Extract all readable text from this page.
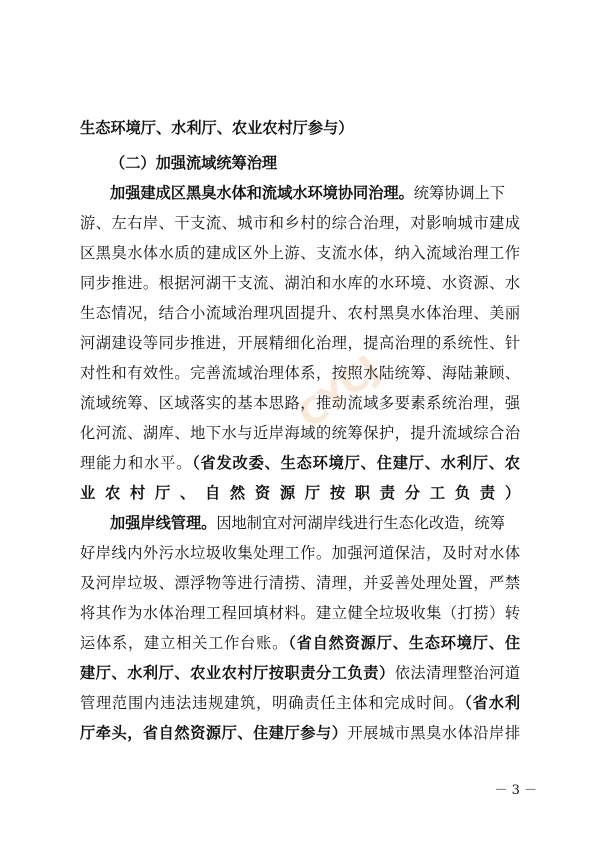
CYCJ
生态环境厅、水利厅、农业农村厅参与）
（二）加强流域统筹治理
加强建成区黑臭水体和流域水环境协同治理。统筹协调上下
游、左右岸、干支流、城市和乡村的综合治理，对影响城市建成
区黑臭水体水质的建成区外上游、支流水体，纳入流域治理工作
同步推进。根据河湖干支流、湖泊和水库的水环境、水资源、水
生态情况，结合小流域治理巩固提升、农村黑臭水体治理、美丽
河湖建设等同步推进，开展精细化治理，提高治理的系统性、针
对性和有效性。完善流域治理体系，按照水陆统筹、海陆兼顾、
流域统筹、区域落实的基本思路，推动流域多要素系统治理，强
化河流、湖库、地下水与近岸海域的统筹保护，提升流域综合治
理能力和水平。（省发改委、生态环境厅、住建厅、水利厅、农
业农村厅、自然资源厅按职责分工负责）
加强岸线管理。因地制宜对河湖岸线进行生态化改造，统筹
好岸线内外污水垃圾收集处理工作。加强河道保洁，及时对水体
及河岸垃圾、漂浮物等进行清捞、清理，并妥善处理处置，严禁
将其作为水体治理工程回填材料。建立健全垃圾收集（打捞）转
运体系，建立相关工作台账。（省自然资源厅、生态环境厅、住
建厅、水利厅、农业农村厅按职责分工负责）依法清理整治河道
管理范围内违法违规建筑，明确责任主体和完成时间。（省水利
厅牵头，省自然资源厅、住建厅参与）开展城市黑臭水体沿岸排
－ 3 －
